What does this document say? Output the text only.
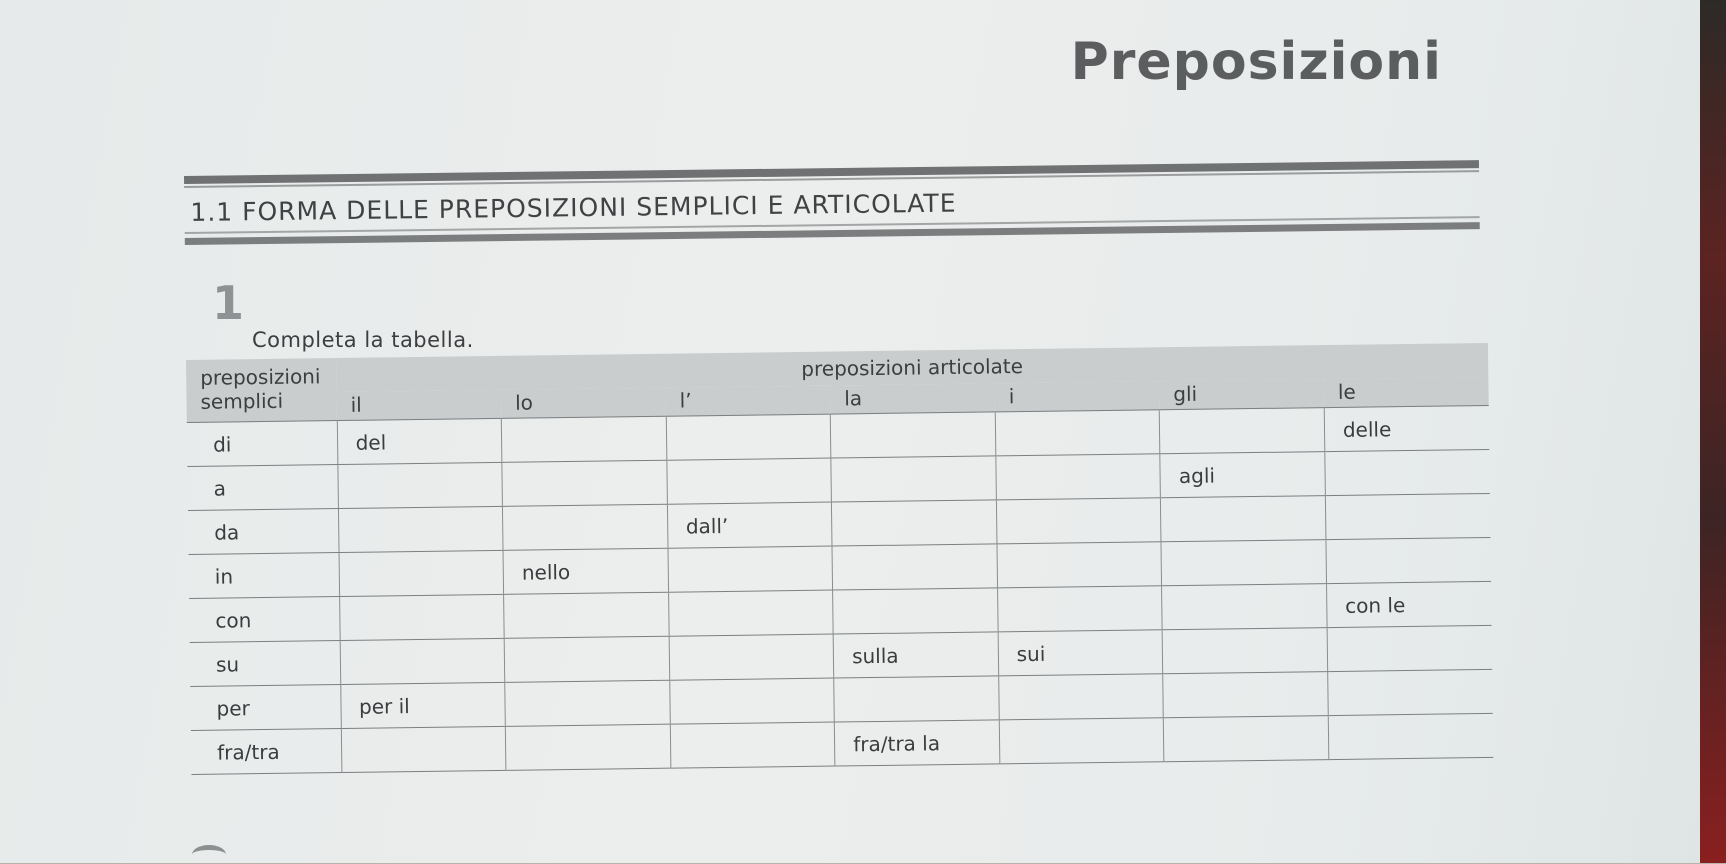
Preposizioni
1.1 FORMA DELLE PREPOSIZIONI SEMPLICI E ARTICOLATE
1
Completa la tabella.
preposizioni semplici	preposizioni articolate						
	il	lo	l’	la	i	gli	le
di	del						delle
a						agli	
da			dall’				
in		nello					
con							con le
su				sulla	sui		
per	per il						
fra/tra				fra/tra la			
